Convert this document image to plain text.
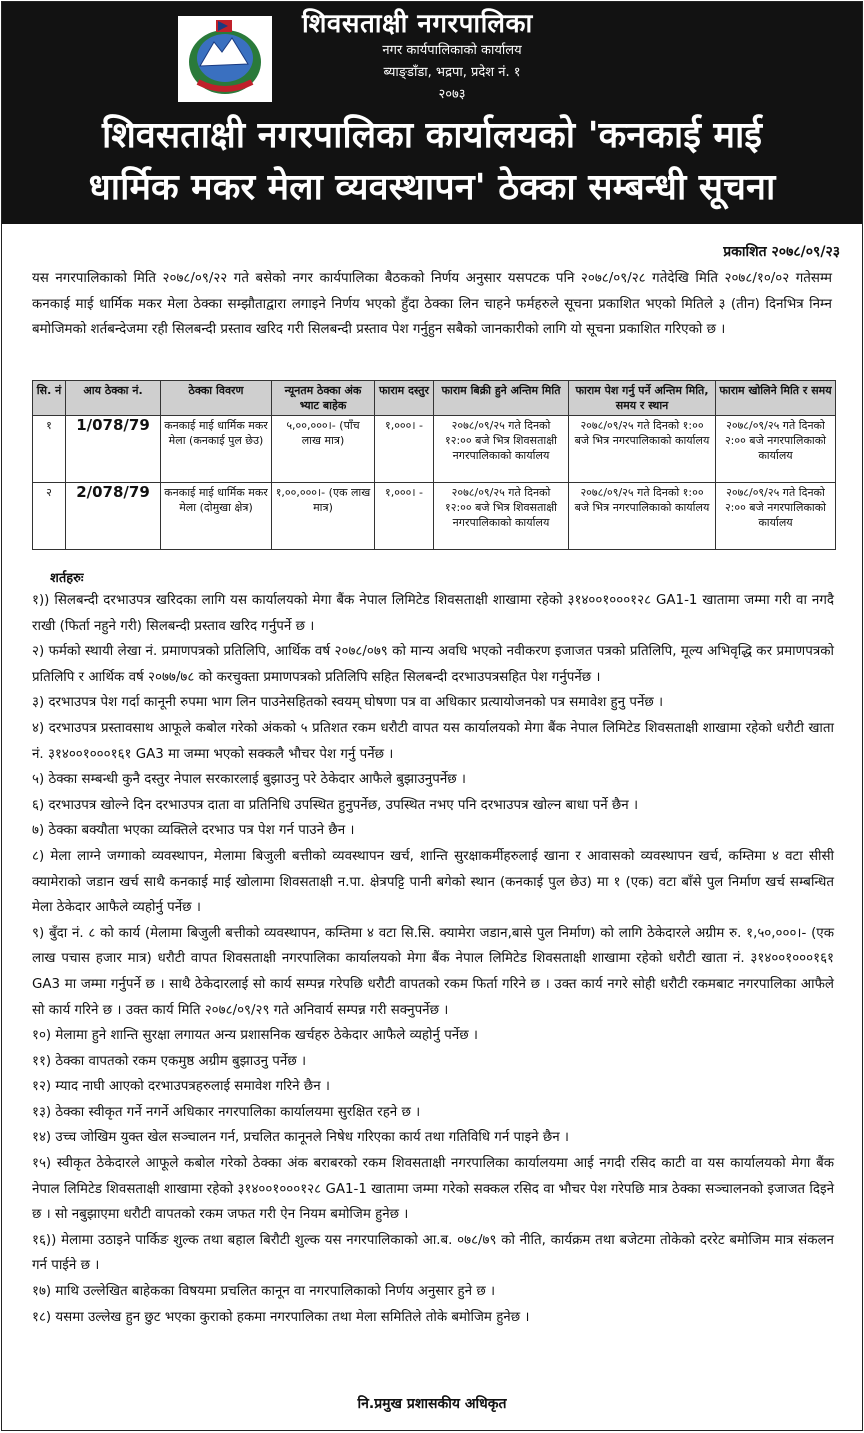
शिवसताक्षी नगरपालिका
नगर कार्यपालिकाको कार्यालय
ब्याङ्डाँडा, भद्रपा, प्रदेश नं. १
२०७३
शिवसताक्षी नगरपालिका कार्यालयको 'कनकाई माई
धार्मिक मकर मेला व्यवस्थापन' ठेक्का सम्बन्धी सूचना
प्रकाशित २०७८/०९/२३
यस नगरपालिकाको मिति २०७८/०९/२२ गते बसेको नगर कार्यपालिका बैठकको निर्णय अनुसार यसपटक पनि २०७८/०९/२८ गतेदेखि मिति २०७८/१०/०२ गतेसम्म कनकाई माई धार्मिक मकर मेला ठेक्का सम्झौताद्वारा लगाइने निर्णय भएको हुँदा ठेक्का लिन चाहने फर्महरुले सूचना प्रकाशित भएको मितिले ३ (तीन) दिनभित्र निम्न बमोजिमको शर्तबन्देजमा रही सिलबन्दी प्रस्ताव खरिद गरी सिलबन्दी प्रस्ताव पेश गर्नुहुन सबैको जानकारीको लागि यो सूचना प्रकाशित गरिएको छ ।
सि. नं	आय ठेक्का नं.	ठेक्का विवरण	न्यूनतम ठेक्का अंक भ्याट बाहेक	फाराम दस्तुर	फाराम बिक्री हुने अन्तिम मिति	फाराम पेश गर्नु पर्ने अन्तिम मिति, समय र स्थान	फाराम खोलिने मिति र समय
१	1/078/79	कनकाई माई धार्मिक मकर मेला (कनकाई पुल छेउ)	५,००,०००।- (पाँच लाख मात्र)	१,०००। -	२०७८/०९/२५ गते दिनको १२:०० बजे भित्र शिवसताक्षी नगरपालिकाको कार्यालय	२०७८/०९/२५ गते दिनको १:०० बजे भित्र नगरपालिकाको कार्यालय	२०७८/०९/२५ गते दिनको २:०० बजे नगरपालिकाको कार्यालय
२	2/078/79	कनकाई माई धार्मिक मकर मेला (दोमुखा क्षेत्र)	१,००,०००।- (एक लाख मात्र)	१,०००। -	२०७८/०९/२५ गते दिनको १२:०० बजे भित्र शिवसताक्षी नगरपालिकाको कार्यालय	२०७८/०९/२५ गते दिनको १:०० बजे भित्र नगरपालिकाको कार्यालय	२०७८/०९/२५ गते दिनको २:०० बजे नगरपालिकाको कार्यालय
शर्तहरुः
१)) सिलबन्दी दरभाउपत्र खरिदका लागि यस कार्यालयको मेगा बैंक नेपाल लिमिटेड शिवसताक्षी शाखामा रहेको ३१४००१०००१२८ GA1-1 खातामा जम्मा गरी वा नगदै राखी (फिर्ता नहुने गरी) सिलबन्दी प्रस्ताव खरिद गर्नुपर्ने छ ।
२) फर्मको स्थायी लेखा नं. प्रमाणपत्रको प्रतिलिपि, आर्थिक वर्ष २०७८/०७९ को मान्य अवधि भएको नवीकरण इजाजत पत्रको प्रतिलिपि, मूल्य अभिवृद्धि कर प्रमाणपत्रको प्रतिलिपि र आर्थिक वर्ष २०७७/७८ को करचुक्ता प्रमाणपत्रको प्रतिलिपि सहित सिलबन्दी दरभाउपत्रसहित पेश गर्नुपर्नेछ ।
३) दरभाउपत्र पेश गर्दा कानूनी रुपमा भाग लिन पाउनेसहितको स्वयम् घोषणा पत्र वा अधिकार प्रत्यायोजनको पत्र समावेश हुनु पर्नेछ ।
४) दरभाउपत्र प्रस्तावसाथ आफूले कबोल गरेको अंकको ५ प्रतिशत रकम धरौटी वापत यस कार्यालयको मेगा बैंक नेपाल लिमिटेड शिवसताक्षी शाखामा रहेको धरौटी खाता नं. ३१४००१०००१६१ GA3 मा जम्मा भएको सक्कलै भौचर पेश गर्नु पर्नेछ ।
५) ठेक्का सम्बन्धी कुनै दस्तुर नेपाल सरकारलाई बुझाउनु परे ठेकेदार आफैले बुझाउनुपर्नेछ ।
६) दरभाउपत्र खोल्ने दिन दरभाउपत्र दाता वा प्रतिनिधि उपस्थित हुनुपर्नेछ, उपस्थित नभए पनि दरभाउपत्र खोल्न बाधा पर्ने छैन ।
७) ठेक्का बक्यौता भएका व्यक्तिले दरभाउ पत्र पेश गर्न पाउने छैन ।
८) मेला लाग्ने जग्गाको व्यवस्थापन, मेलामा बिजुली बत्तीको व्यवस्थापन खर्च, शान्ति सुरक्षाकर्मीहरुलाई खाना र आवासको व्यवस्थापन खर्च, कम्तिमा ४ वटा सीसी क्यामेराको जडान खर्च साथै कनकाई माई खोलामा शिवसताक्षी न.पा. क्षेत्रपट्टि पानी बगेको स्थान (कनकाई पुल छेउ) मा १ (एक) वटा बाँसे पुल निर्माण खर्च सम्बन्धित मेला ठेकेदार आफैले व्यहोर्नु पर्नेछ ।
९) बुँदा नं. ८ को कार्य (मेलामा बिजुली बत्तीको व्यवस्थापन, कम्तिमा ४ वटा सि.सि. क्यामेरा जडान,बासे पुल निर्माण) को लागि ठेकेदारले अग्रीम रु. १,५०,०००।- (एक लाख पचास हजार मात्र) धरौटी वापत शिवसताक्षी नगरपालिका कार्यालयको मेगा बैंक नेपाल लिमिटेड शिवसताक्षी शाखामा रहेको धरौटी खाता नं. ३१४००१०००१६१ GA3 मा जम्मा गर्नुपर्ने छ । साथै ठेकेदारलाई सो कार्य सम्पन्न गरेपछि धरौटी वापतको रकम फिर्ता गरिने छ । उक्त कार्य नगरे सोही धरौटी रकमबाट नगरपालिका आफैले सो कार्य गरिने छ । उक्त कार्य मिति २०७८/०९/२९ गते अनिवार्य सम्पन्न गरी सक्नुपर्नेछ ।
१०) मेलामा हुने शान्ति सुरक्षा लगायत अन्य प्रशासनिक खर्चहरु ठेकेदार आफैले व्यहोर्नु पर्नेछ ।
११) ठेक्का वापतको रकम एकमुष्ठ अग्रीम बुझाउनु पर्नेछ ।
१२) म्याद नाघी आएको दरभाउपत्रहरुलाई समावेश गरिने छैन ।
१३) ठेक्का स्वीकृत गर्ने नगर्ने अधिकार नगरपालिका कार्यालयमा सुरक्षित रहने छ ।
१४) उच्च जोखिम युक्त खेल सञ्चालन गर्न, प्रचलित कानूनले निषेध गरिएका कार्य तथा गतिविधि गर्न पाइने छैन ।
१५) स्वीकृत ठेकेदारले आफूले कबोल गरेको ठेक्का अंक बराबरको रकम शिवसताक्षी नगरपालिका कार्यालयमा आई नगदी रसिद काटी वा यस कार्यालयको मेगा बैंक नेपाल लिमिटेड शिवसताक्षी शाखामा रहेको ३१४००१०००१२८ GA1-1 खातामा जम्मा गरेको सक्कल रसिद वा भौचर पेश गरेपछि मात्र ठेक्का सञ्चालनको इजाजत दिइने छ । सो नबुझाएमा धरौटी वापतको रकम जफत गरी ऐन नियम बमोजिम हुनेछ ।
१६)) मेलामा उठाइने पार्किङ शुल्क तथा बहाल बिरौटी शुल्क यस नगरपालिकाको आ.ब. ०७८/७९ को नीति, कार्यक्रम तथा बजेटमा तोकेको दररेट बमोजिम मात्र संकलन गर्न पाईने छ ।
१७) माथि उल्लेखित बाहेकका विषयमा प्रचलित कानून वा नगरपालिकाको निर्णय अनुसार हुने छ ।
१८) यसमा उल्लेख हुन छुट भएका कुराको हकमा नगरपालिका तथा मेला समितिले तोके बमोजिम हुनेछ ।
नि.प्रमुख प्रशासकीय अधिकृत
